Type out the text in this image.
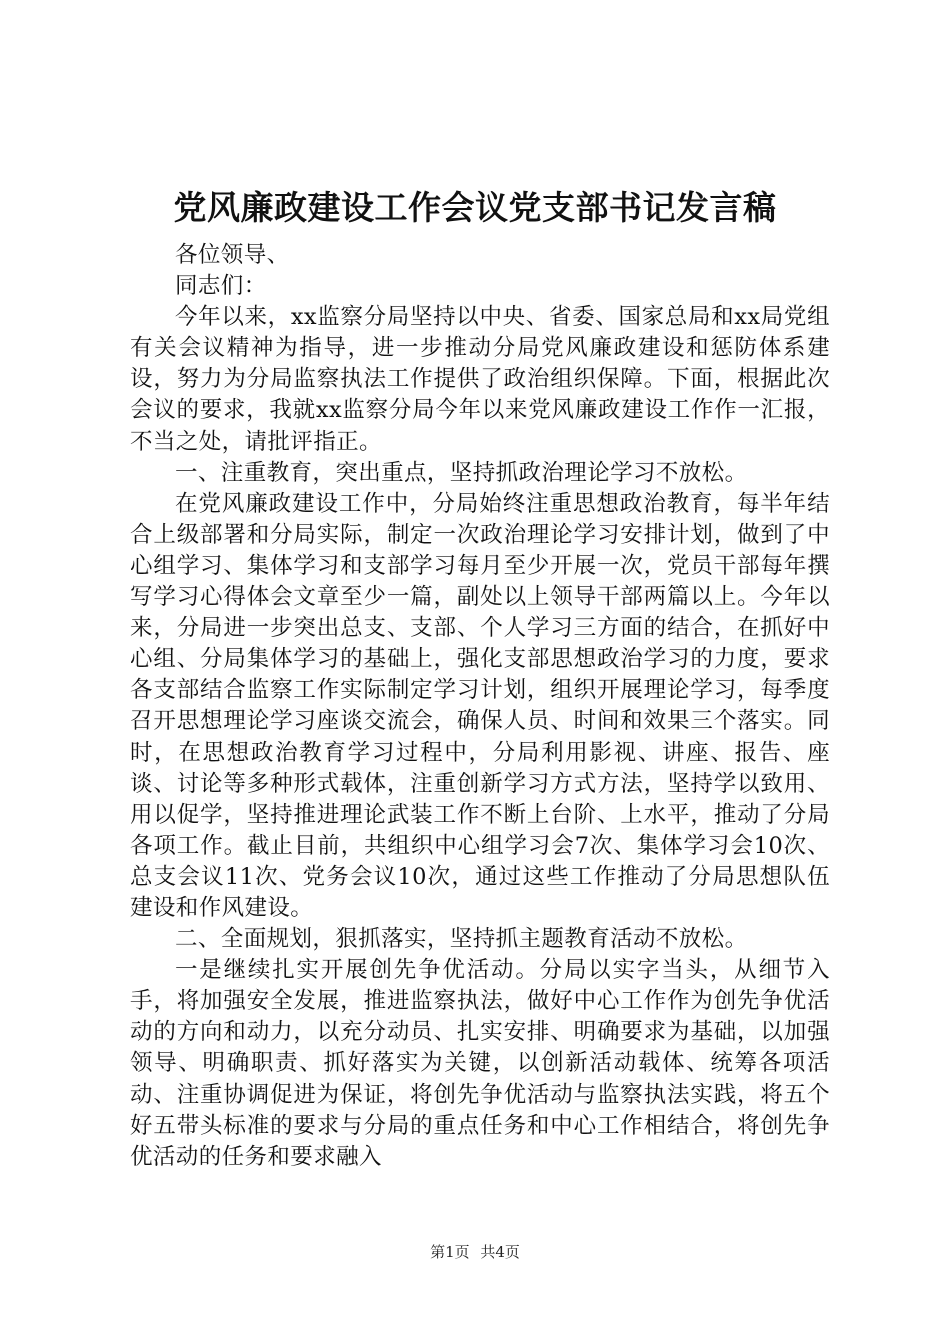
党风廉政建设工作会议党支部书记发言稿

各位领导、

同志们：

今年以来，xx监察分局坚持以中央、省委、国家总局和xx局党组有关会议精神为指导，进一步推动分局党风廉政建设和惩防体系建设，努力为分局监察执法工作提供了政治组织保障。下面，根据此次会议的要求，我就xx监察分局今年以来党风廉政建设工作作一汇报，不当之处，请批评指正。

一、注重教育，突出重点，坚持抓政治理论学习不放松。

在党风廉政建设工作中，分局始终注重思想政治教育，每半年结合上级部署和分局实际，制定一次政治理论学习安排计划，做到了中心组学习、集体学习和支部学习每月至少开展一次，党员干部每年撰写学习心得体会文章至少一篇，副处以上领导干部两篇以上。今年以来，分局进一步突出总支、支部、个人学习三方面的结合，在抓好中心组、分局集体学习的基础上，强化支部思想政治学习的力度，要求各支部结合监察工作实际制定学习计划，组织开展理论学习，每季度召开思想理论学习座谈交流会，确保人员、时间和效果三个落实。同时，在思想政治教育学习过程中，分局利用影视、讲座、报告、座谈、讨论等多种形式载体，注重创新学习方式方法，坚持学以致用、用以促学，坚持推进理论武装工作不断上台阶、上水平，推动了分局各项工作。截止目前，共组织中心组学习会7次、集体学习会10次、总支会议11次、党务会议10次，通过这些工作推动了分局思想队伍建设和作风建设。

二、全面规划，狠抓落实，坚持抓主题教育活动不放松。

一是继续扎实开展创先争优活动。分局以实字当头，从细节入手，将加强安全发展，推进监察执法，做好中心工作作为创先争优活动的方向和动力，以充分动员、扎实安排、明确要求为基础，以加强领导、明确职责、抓好落实为关键，以创新活动载体、统筹各项活动、注重协调促进为保证，将创先争优活动与监察执法实践，将五个好五带头标准的要求与分局的重点任务和中心工作相结合，将创先争优活动的任务和要求融入

第1页 共4页
